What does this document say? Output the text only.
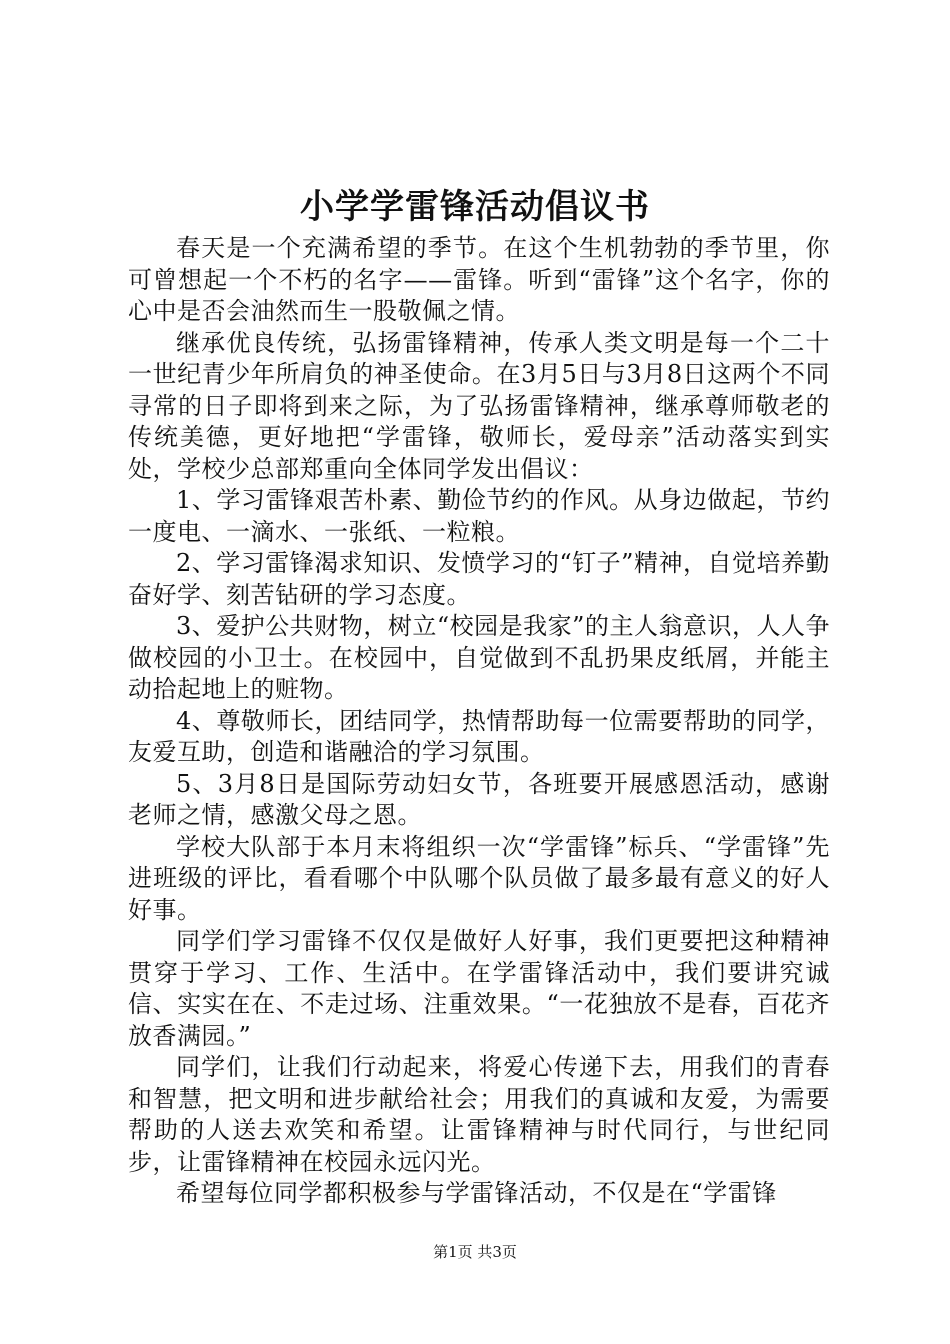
小学学雷锋活动倡议书

春天是一个充满希望的季节。在这个生机勃勃的季节里，你可曾想起一个不朽的名字——雷锋。听到“雷锋”这个名字，你的心中是否会油然而生一股敬佩之情。

继承优良传统，弘扬雷锋精神，传承人类文明是每一个二十一世纪青少年所肩负的神圣使命。在3月5日与3月8日这两个不同寻常的日子即将到来之际，为了弘扬雷锋精神，继承尊师敬老的传统美德，更好地把“学雷锋，敬师长，爱母亲”活动落实到实处，学校少总部郑重向全体同学发出倡议：

1、学习雷锋艰苦朴素、勤俭节约的作风。从身边做起，节约一度电、一滴水、一张纸、一粒粮。

2、学习雷锋渴求知识、发愤学习的“钉子”精神，自觉培养勤奋好学、刻苦钻研的学习态度。

3、爱护公共财物，树立“校园是我家”的主人翁意识，人人争做校园的小卫士。在校园中，自觉做到不乱扔果皮纸屑，并能主动拾起地上的赃物。

4、尊敬师长，团结同学，热情帮助每一位需要帮助的同学，友爱互助，创造和谐融洽的学习氛围。

5、3月8日是国际劳动妇女节，各班要开展感恩活动，感谢老师之情，感激父母之恩。

学校大队部于本月末将组织一次“学雷锋”标兵、“学雷锋”先进班级的评比，看看哪个中队哪个队员做了最多最有意义的好人好事。

同学们学习雷锋不仅仅是做好人好事，我们更要把这种精神贯穿于学习、工作、生活中。在学雷锋活动中，我们要讲究诚信、实实在在、不走过场、注重效果。“一花独放不是春，百花齐放香满园。”

同学们，让我们行动起来，将爱心传递下去，用我们的青春和智慧，把文明和进步献给社会；用我们的真诚和友爱，为需要帮助的人送去欢笑和希望。让雷锋精神与时代同行，与世纪同步，让雷锋精神在校园永远闪光。

希望每位同学都积极参与学雷锋活动，不仅是在“学雷锋

第1页 共3页
